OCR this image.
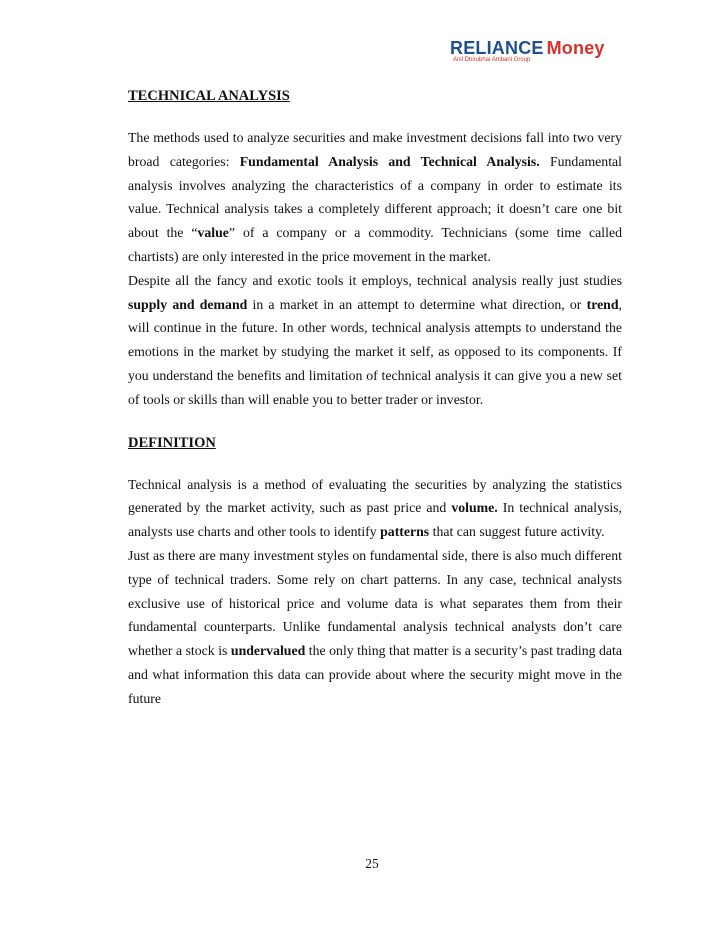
RELIANCE Money
Anil Dhirubhai Ambani Group
TECHNICAL ANALYSIS

The methods used to analyze securities and make investment decisions fall into two very broad categories: Fundamental Analysis and Technical Analysis. Fundamental analysis involves analyzing the characteristics of a company in order to estimate its value. Technical analysis takes a completely different approach; it doesn’t care one bit about the “value” of a company or a commodity. Technicians (some time called chartists) are only interested in the price movement in the market.

Despite all the fancy and exotic tools it employs, technical analysis really just studies supply and demand in a market in an attempt to determine what direction, or trend, will continue in the future. In other words, technical analysis attempts to understand the emotions in the market by studying the market it self, as opposed to its components. If you understand the benefits and limitation of technical analysis it can give you a new set of tools or skills than will enable you to better trader or investor.

DEFINITION

Technical analysis is a method of evaluating the securities by analyzing the statistics generated by the market activity, such as past price and volume. In technical analysis, analysts use charts and other tools to identify patterns that can suggest future activity.

Just as there are many investment styles on fundamental side, there is also much different type of technical traders. Some rely on chart patterns. In any case, technical analysts exclusive use of historical price and volume data is what separates them from their fundamental counterparts. Unlike fundamental analysis technical analysts don’t care whether a stock is undervalued the only thing that matter is a security’s past trading data and what information this data can provide about where the security might move in the future

25
